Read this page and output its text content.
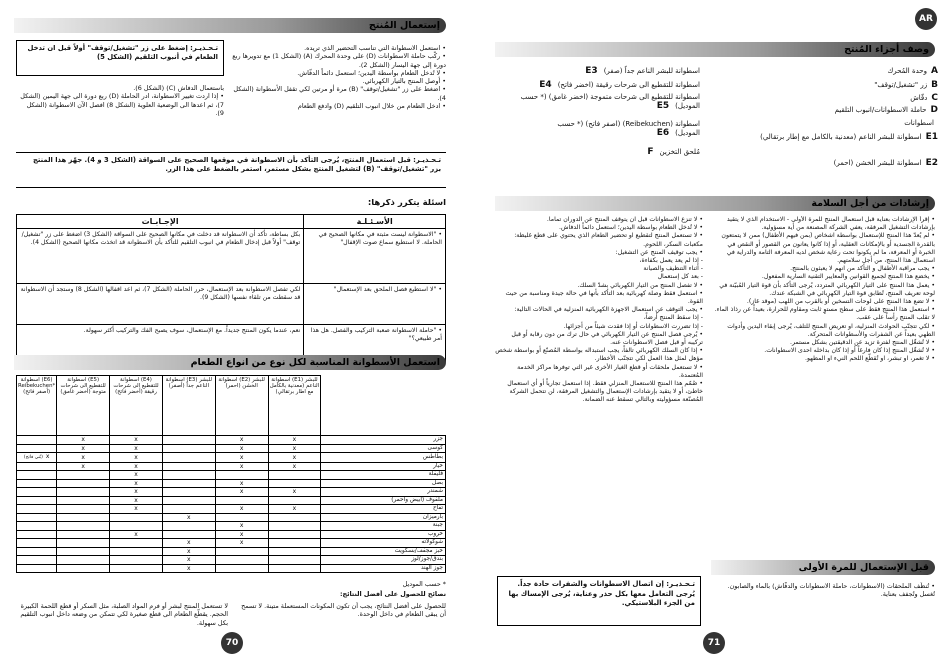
إستعمال المُنتج

• استعمل الاسطوانة التي تناسب التحضير الذي تريده.

• ركّب حاملة الاسطوانات (D) على وحدة المحرك (A) (الشكل 1) مع تدويرها ربع دورة إلى جهة اليسار (الشكل 2).

• لا تُدخل الطعام بواسطة اليدين؛ استعمل دائماً الدفّاش.

• أوصل المنتج بالتيار الكهربائي.

• اضغط على زر "تشغيل/توقف" (B) مرة أو مرتين لكي تقفل الأسطوانة (الشكل 4).

• ادخل الطعام من خلال انبوب التلقيم (D) وادفع الطعام

تـحـذيـر: إضغط على زر "تشغيل/توقف" أولاً قبل ان تدخل الطعام في أنبوب التلقيم (الشكل 5)

باستعمال الدفاش (C) (الشكل 6).

• إذا اردت تغيير الاسطوانة، ادر الحاملة (D) ربع دورة الى جهة اليمين (الشكل 7)، ثم اعدها الى الوضعية العلوية (الشكل 8) افصل الآن الاسطوانة (الشكل 9).

تـحـذيـر: قبل استعمال المنتج، يُرجى التأكد بأن الاسطوانة في موقعها الصحيح على السواقة (الشكل 3 و 4). جهّز هذا المنتج بزر "تشغيل/توقف" (B) لتشغيل المنتج بشكل مستمر، استمر بالضغط على هذا الزر.
اسئلة يتكرر ذكرها:
الإجـابـات	الأسـئـلـة
بكل بساطة، تأكد أن الاسطوانة قد دخلت في مكانها الصحيح على السواقة (الشكل 3) اضغط على زر "تشغيل/توقف" أولاً قبل إدخال الطعام في انبوب التلقيم للتأكد بأن الاسطوانة قد اتخذت مكانها الصحيح (الشكل 4).	• "الاسطوانة ليست مثبتة في مكانها الصحيح في الحاملة. لا استطيع سماع صوت الإقفال"
لكي تفصل الاسطوانة بعد الإستعمال، حرر الحاملة (الشكل 7)، ثم اعد اقفالها (الشكل 8) وستجد أن الاسطوانة قد سقطت من تلقاء نفسها (الشكل 9).	• "لا استطيع فصل الملحق بعد الإستعمال"
نعم، عندما يكون المنتج جديداً. مع الإستعمال، سوف يصبح الفك والتركيب أكثر سهولة.	• "حاملة الاسطوانة صعبة التركيب والفصل. هل هذا أمر طبيعي؟"
استعمل الأسطوانة المناسبة لكل نوع من انواع الطعام
اسطوانة (E6) Reibekuchen* (أصفر فاتح)	اسطوانة (E5) للتقطيع الى شرحات متوجة (أخضر غامق)	اسطوانة (E4) للتقطيع الى شرحات رقيقة (أخضر فاتح)	اسطوانة (E3) للبشر الناعم جداً (أصفر)	اسطوانة (E2) للبشر الخشن (احمر)	اسطوانة (E1) للبشر الناعم (معدنية بالكامل مع اطار برتقالي)	
	x	x		x	x	جزر
	x	x		x	x	كوسى
(بُني فاتح) x	x	x		x	x	بطاطس
	x	x		x	x	خيار
		x				فليفلة
		x		x		بصل
		x		x	x	شمندر
		x				ملفوف (أبيض واحمر)
		x		x	x	تفاح
			x			بارميزان
				x		جبنة
		x		x		خروب
			x	x		شوكولاته
			x			خبز مجفف/بسكويت
			x			بندق/جوز/لوز
			x			جوز الهند
* حسب الموديل
نصائح للحصول على أفضل النتائج:
للحصول على أفضل النتائج، يجب أن تكون المكونات المستعملة متينة. لا تسمح أن يبقى الطعام في داخل الوحدة.
لا تستعمل المنتج لبشر أو فرم المواد الصلبة، مثل السكر أو قطع اللحمة الكبيرة الحجم. يقطّع الطعام الى قطع صغيرة لكي تتمكن من وضعه داخل انبوب التلقيم بكل سهولة.
70
AR
وصف أجزاء المُنتج
Aوحدة المُحرك
Bزر "تشغيل/توقف"
Cدفّاش
Dحاملة الاسطوانات/انبوب التلقيم
اسطوانات
E1اسطوانة للبشر الناعم (معدنية بالكامل مع إطار برتقالي)
E2اسطوانة للبشر الخشن (احمر)
اسطوانة للبشر الناعم جداً (صفر)E3
اسطوانة للتقطيع الى شرحات رقيقة (اخضر فاتح)E4
اسطوانة للتقطيع الى شرحات متموجة (اخضر غامق) (* حسب الموديل)E5
اسطوانة (Reibekuchen) (اصفر فاتح) (* حسب الموديل)E6
مُلحق التخزينF
إرشادات من أجل السلامة

• إقرأ الإرشادات بعناية قبل استعمال المنتج للمرة الأولى - الاستخدام الذي لا يتقيد بإرشادات التشغيل المرفقة، يعفي الشركة المصنعة من أية مسؤولية.

• لم يُعدّ هذا المنتج للإستعمال بواسطة اشخاص (بمن فيهم الأطفال) ممن لا يتمتعون بالقدرة الجسدية أو بالإمكانات العقلية، أو إذا كانوا يعانون من القصور أو النقص في الخبرة أو المعرفة، ما لم يكونوا تحت رعاية شخص لديه المعرفة التامة والدراية في استعمال هذا المنتج، من أجل سلامتهم.

• يجب مراقبة الأطفال و التأكد من انهم لا يعبثون بالمنتج.

• يخضع هذا المنتج لجميع القوانين والمعايير التقنية السارية المفعول.

• يعمل هذا المنتج على التيار الكهربائي المتردد، يُرجى التأكد بأن قوة التيار المُبيّنة في لوحة تعريف المنتج، تُطابق قوة التيار الكهربائي في الشبكة عندك.

• لا تضع هذا المنتج على لوحات التسخين أو بالقرب من اللهب (موقد غاز).

• استعمل هذا المنتج فقط على سطح مستوٍ ثابت ومقاوم للحرارة، بعيداً عن رذاذ الماء. لا تقلب المنتج رأساً على عقب.

• لكي تتجنّب الحوادث المنزلية، او تعريض المنتج للتلف، يُرجى إبقاء اليدين وأدوات الطهي بعيداً عن الشفرات والأسطوانات المتحركة.

• لا تُشغّل المنتج لفترة تزيد عن الدقيقتين بشكل مستمر.

• لا تُشغّل المنتج إذا كان فارغاً أو إذا كان بداخله احدى الاسطوانات.

• لا تغمر، او تبشر، او تُقطّع اللحم النيء او المطهو.

• لا تنزع الاسطوانات قبل ان يتوقف المنتج عن الدوران تماماً.

• لا تُدخل الطعام بواسطة اليدين؛ استعمل دائماً الدفاش.

• لا تستعمل المنتج لتقطيع او تحضير الطعام الذي يحتوي على قطع غليظة: مكعبات السكر، اللحوم.

• يجب توقيف المنتج عن التشغيل:

- إذا لم يعد يعمل بكفاءة،

- أثناء التنظيف والصيانة

- بعد كل إستعمال

• لا تفصل المنتج من التيار الكهربائي بشدّ السلك.

• استعمل فقط وصلة كهربائية بعد التأكد بأنها في حالة جيدة ومناسبة من حيث القوة.

• يجب التوقف عن استعمال الاجهزة الكهربائية المنزلية في الحالات التالية:

- إذا سقط المنتج أرضاً،

- إذا تضررت الاسطوانات أو إذا فقدت شيئاً من أجزائها.

• يُرجى فصل المنتج عن التيار الكهربائي في حال ترك من دون رقابة أو قبل تركيبه أو قبل فصل الاسطوانات عنه.

• إذا كان السلك الكهربائي تالفاً، يجب استبداله بواسطة المُصنّع أو بواسطة شخص مؤهل لمثل هذا العمل لكي تتجنّب الأخطار.

• لا تستعمل ملحقات أو قطع الغيار الأخرى غير التي توفرها مراكز الخدمة المُعتمدة.

• صُمّم هذا المنتج للاستعمال المنزلي فقط. إذا استعمل تجارياً أو أي استعمال خاطئ، أو لا يتقيد بإرشادات الإستعمال والتشغيل المرفقة، لن تتحمل الشركة المُصنّعة مسؤوليته وبالتالي تسقط عنه الضمانة.

قبل الإستعمال للمرة الأولى
• تُنظّف الملحقات (الاسطوانات، حاملة الاسطوانات والدفّاش) بالماء والصابون. تُغسل وتُجفف بعناية.
تـحـذيـر: إن اتصال الاسطوانات والشفرات حادة جداً. يُرجى التعامل معها بكل حذر وعناية، يُرجى الإمساك بها من الجزء البلاستيكي.
71
